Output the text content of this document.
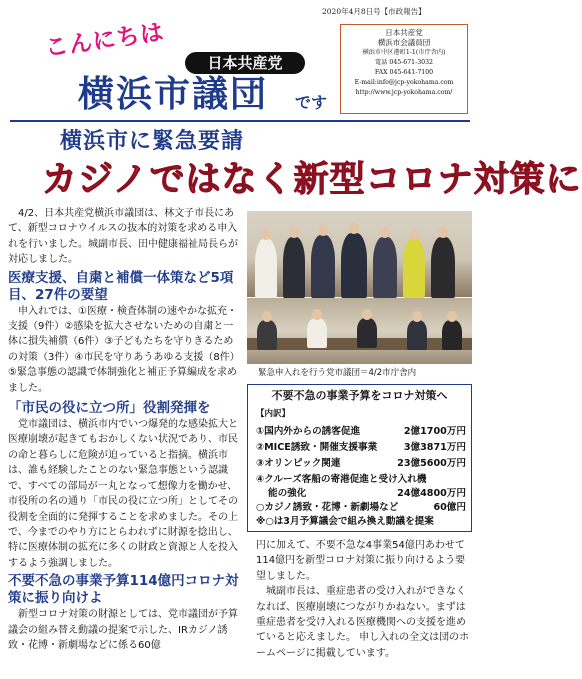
2020年4月8日号【市政報告】
こんにちは
日本共産党
横浜市議団 です
日本共産党
横浜市会議員団
横浜市中区港町1-1(市庁舎内)
電話 045-671-3032
FAX 045-641-7100
E-mail:info@jcp-yokohama.com
http://www.jcp-yokohama.com/
横浜市に緊急要請
カジノではなく新型コロナ対策に

4/2、日本共産党横浜市議団は、林文子市長にあて、新型コロナウイルスの抜本的対策を求める申入れを行いました。城副市長、田中健康福祉局長らが対応しました。

医療支援、自粛と補償一体策など5項目、27件の要望

申入れでは、①医療・検査体制の速やかな拡充・支援（9件）②感染を拡大させないための自粛と一体に損失補償（6件）③子どもたちを守りきるための対策（3件）④市民を守りあうあゆる支援（8件）⑤緊急事態の認識で体制強化と補正予算編成を求めました。

「市民の役に立つ所」役割発揮を

党市議団は、横浜市内でいつ爆発的な感染拡大と医療崩壊が起きてもおかしくない状況であり、市民の命と暮らしに危険が迫っていると指摘。横浜市は、誰も経験したことのない緊急事態という認識で、すべての部局が一丸となって想像力を働かせ、市役所の名の通り「市民の役に立つ所」としてその役割を全面的に発揮することを求めました。その上で、今までのやり方にとらわれずに財源を捻出し、特に医療体制の拡充に多くの財政と資源と人を投入するよう強調しました。

不要不急の事業予算114億円コロナ対策に振り向けよ

新型コロナ対策の財源としては、党市議団が予算議会の組み替え動議の提案で示した、IRカジノ誘致・花博・新劇場などに係る60億

緊急申入れを行う党市議団＝4/2市庁舎内
不要不急の事業予算をコロナ対策へ
【内訳】
①国内外からの誘客促進	2億1700万円
②MICE誘致・開催支援事業	3億3871万円
③オリンピック関連	23億5600万円
④クルーズ客船の寄港促進と受け入れ機
能の強化	24億4800万円
○カジノ誘致・花博・新劇場など	60億円
※○は3月予算議会で組み換え動議を提案

円に加えて、不要不急な4事業54億円あわせて114億円を新型コロナ対策に振り向けるよう要望しました。

城副市長は、重症患者の受け入れができなくなれば、医療崩壊につながりかねない。まずは重症患者を受け入れる医療機関への支援を進めていると応えました。 申し入れの全文は団のホームページに掲載しています。
